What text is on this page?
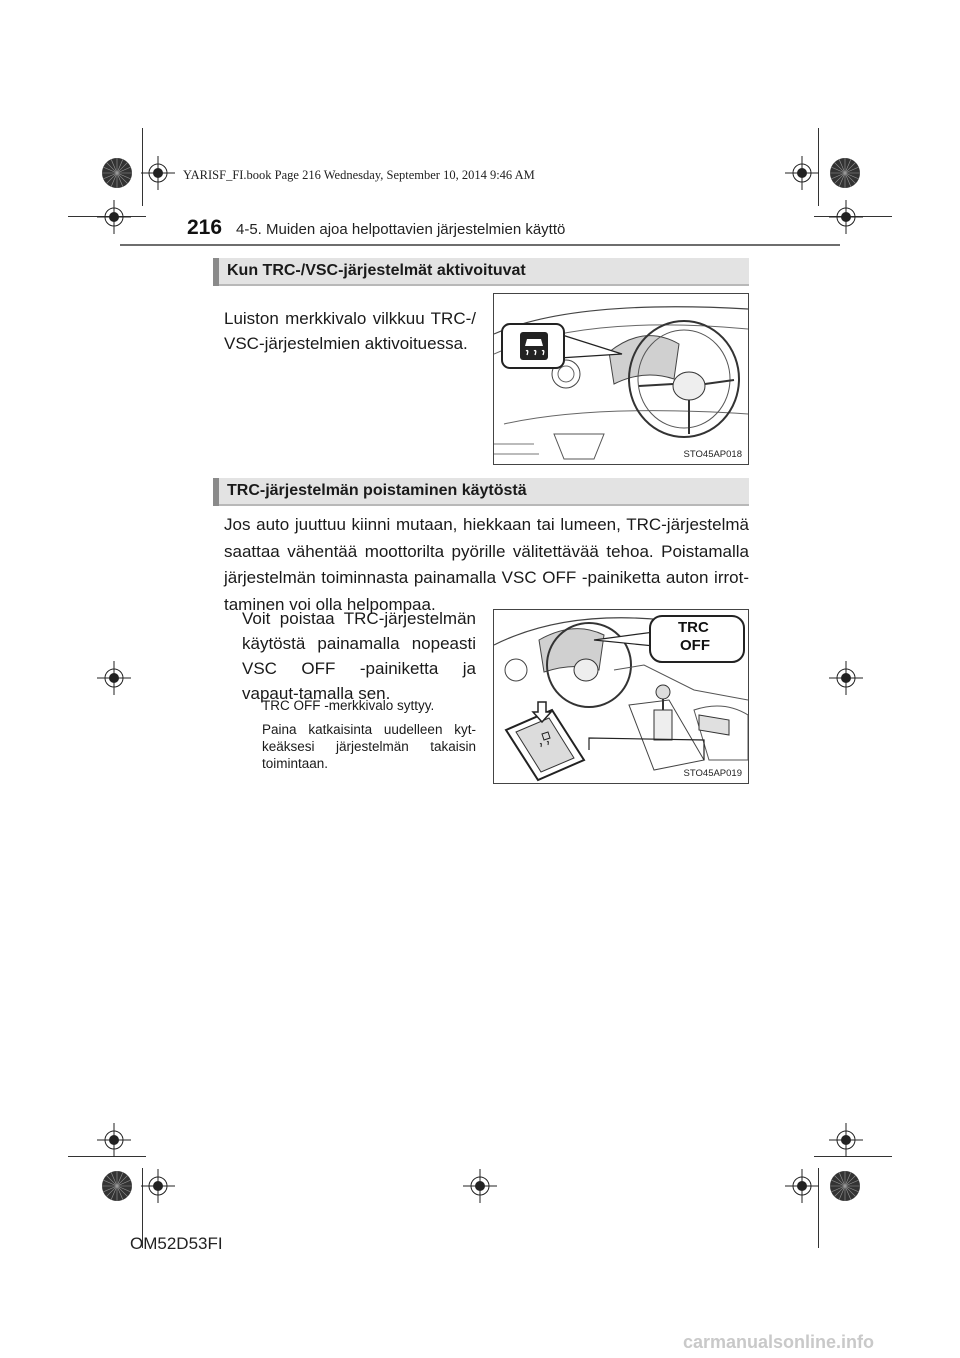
YARISF_FI.book Page 216 Wednesday, September 10, 2014 9:46 AM
216 4-5. Muiden ajoa helpottavien järjestelmien käyttö
Kun TRC-/VSC-järjestelmät aktivoituvat
Luiston merkkivalo vilkkuu TRC-/ VSC-järjestelmien aktivoituessa.
STO45AP018
TRC-järjestelmän poistaminen käytöstä
Jos auto juuttuu kiinni mutaan, hiekkaan tai lumeen, TRC-järjestelmä saattaa vähentää moottorilta pyörille välitettävää tehoa. Poistamalla järjestelmän toiminnasta painamalla VSC OFF -painiketta auton irrot-taminen voi olla helpompaa.
Voit poistaa TRC-järjestelmän käytöstä painamalla nopeasti VSC OFF -painiketta ja vapaut-tamalla sen.
TRC OFF -merkkivalo syttyy.
Paina katkaisinta uudelleen kyt-keäksesi järjestelmän takaisin toimintaan.
TRC
OFF
STO45AP019
OM52D53FI
carmanualsonline.info
